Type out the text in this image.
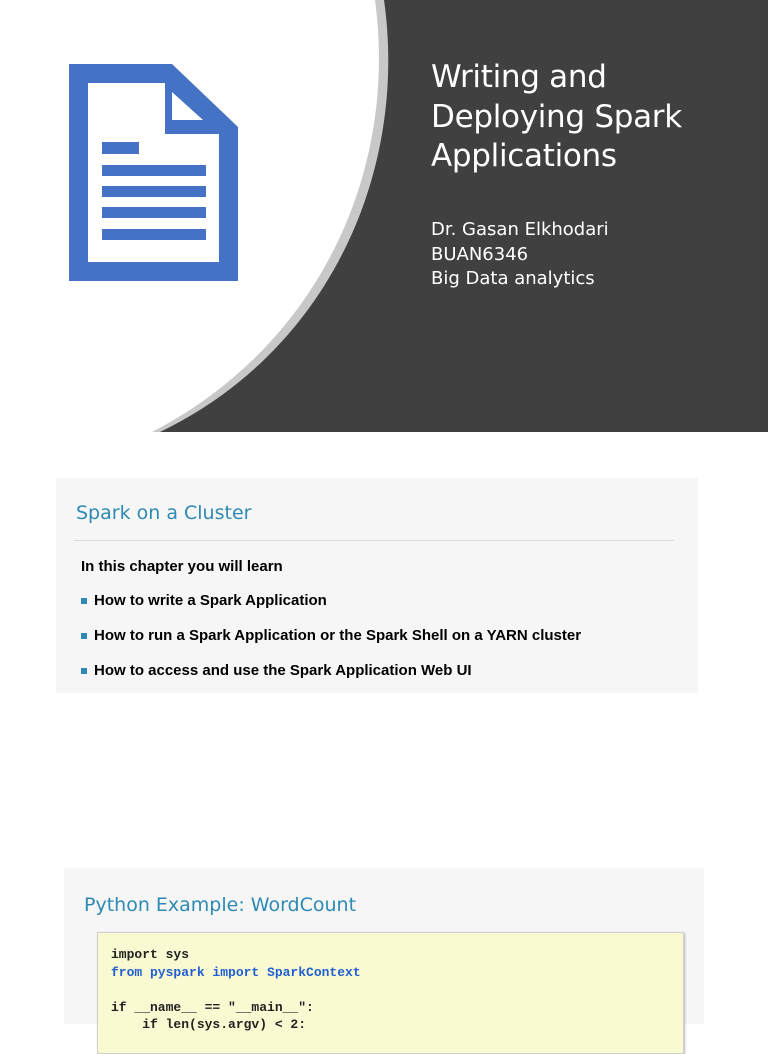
Writing and
Deploying Spark
Applications
Dr. Gasan Elkhodari
BUAN6346
Big Data analytics
Spark on a Cluster
In this chapter you will learn
How to write a Spark Application
How to run a Spark Application or the Spark Shell on a YARN cluster
How to access and use the Spark Application Web UI
Python Example: WordCount
import sys
from pyspark import SparkContext
if __name__ == "__main__":
if len(sys.argv) < 2:
